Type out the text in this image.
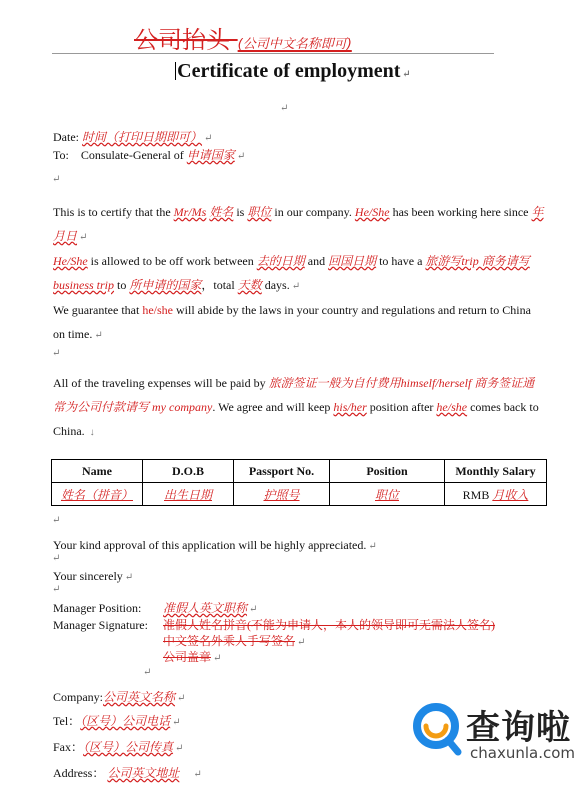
公司抬头 (公司中文名称即可)
Certificate of employment ↵
↵
Date: 时间（打印日期即可） ↵
To: Consulate-General of 申请国家 ↵
↵
This is to certify that the Mr/Ms 姓名 is 职位 in our company. He/She has been working here since 年月日 ↵
He/She is allowed to be off work between 去的日期 and 回国日期 to have a 旅游写trip 商务请写 business trip to 所申请的国家，total 天数 days. ↵
We guarantee that he/she will abide by the laws in your country and regulations and return to China on time. ↵
↵
All of the traveling expenses will be paid by 旅游签证一般为自付费用himself/herself 商务签证通常为公司付款请写 my company. We agree and will keep his/her position after he/she comes back to China. ↓
Name	D.O.B	Passport No.	Position	Monthly Salary
姓名（拼音）	出生日期	护照号	职位	RMB 月收入
↵
Your kind approval of this application will be highly appreciated. ↵
↵
Your sincerely ↵
↵
Manager Position: 准假人英文职称 ↵
Manager Signature: 准假人姓名拼音(不能为申请人，本人的领导即可无需法人签名)
中文签名外乘人手写签名 ↵
公司盖章 ↵
↵
Company:公司英文名称 ↵
Tel：（区号）公司电话 ↵
Fax：（区号）公司传真 ↵
Address： 公司英文地址 ↵
查询啦
chaxunla.com
